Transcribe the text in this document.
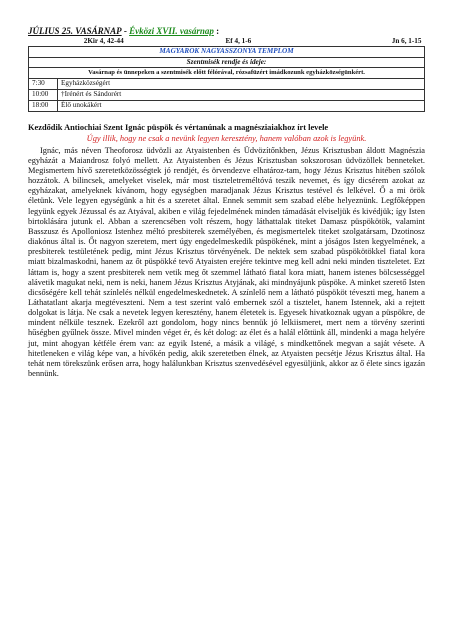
JÚLIUS 25. VASÁRNAP - Évközi XVII. vasárnap :
2Kir 4, 42-44	Ef 4, 1-6	Jn 6, 1-15

MAGYAROK NAGYASSZONYA TEMPLOM
Szentmisék rendje és ideje:
Vasárnap és ünnepeken a szentmisék előtt félórával, rózsafüzért imádkozunk egyházközségünkért.
7:30	Egyházközségért
10:00	†Irénért és Sándorért
18:00	Élő unokákért
Kezdődik Antiochiai Szent Ignác püspök és vértanúnak a magnésziaiakhoz írt levele
Úgy illik, hogy ne csak a nevünk legyen keresztény, hanem valóban azok is legyünk.
Ignác, más néven Theoforosz üdvözli az Atyaistenben és Üdvözítőnkben, Jézus Krisztusban áldott Magnészia egyházát a Maiandrosz folyó mellett. Az Atyaistenben és Jézus Krisztusban sokszorosan üdvözöllek benneteket. Megismertem hívő szeretetközösségtek jó rendjét, és örvendezve elhatároz-tam, hogy Jézus Krisztus hitében szólok hozzátok. A bilincsek, amelyeket viselek, már most tiszteletreméltóvá teszik nevemet, és így dicsérem azokat az egyházakat, amelyeknek kívánom, hogy egységben maradjanak Jézus Krisztus testével és lelkével. Ő a mi örök életünk. Vele legyen egységünk a hit és a szeretet által. Ennek semmit sem szabad elébe helyeznünk. Legfőképpen legyünk egyek Jézussal és az Atyával, akiben e világ fejedelmének minden támadását elviseljük és kivédjük; így Isten birtoklására jutunk el. Abban a szerencsében volt részem, hogy láthattalak titeket Damasz püspökötök, valamint Basszusz és Apolloniosz Istenhez méltó presbiterek személyében, és megismertelek titeket szolgatársam, Dzotinosz diakónus által is. Őt nagyon szeretem, mert úgy engedelmeskedik püspökének, mint a jóságos Isten kegyelmének, a presbiterek testületének pedig, mint Jézus Krisztus törvényének. De nektek sem szabad püspökötökkel fiatal kora miatt bizalmaskodni, hanem az őt püspökké tevő Atyaisten erejére tekintve meg kell adni neki minden tiszteletet. Ezt láttam is, hogy a szent presbiterek nem vetik meg őt szemmel látható fiatal kora miatt, hanem istenes bölcsességgel alávetik magukat neki, nem is neki, hanem Jézus Krisztus Atyjának, aki mindnyájunk püspöke. A minket szerető Isten dicsőségére kell tehát színlelés nélkül engedelmeskednetek. A színlelő nem a látható püspököt téveszti meg, hanem a Láthatatlant akarja megtéveszteni. Nem a test szerint való embernek szól a tisztelet, hanem Istennek, aki a rejtett dolgokat is látja. Ne csak a nevetek legyen keresztény, hanem életetek is. Egyesek hivatkoznak ugyan a püspökre, de mindent nélküle tesznek. Ezekről azt gondolom, hogy nincs bennük jó lelkiismeret, mert nem a törvény szerinti hűségben gyűlnek össze. Mivel minden véget ér, és két dolog: az élet és a halál előttünk áll, mindenki a maga helyére jut, mint ahogyan kétféle érem van: az egyik Istené, a másik a világé, s mindkettőnek megvan a saját vésete. A hitetleneken e világ képe van, a hívőkén pedig, akik szeretetben élnek, az Atyaisten pecsétje Jézus Krisztus által. Ha tehát nem törekszünk erősen arra, hogy halálunkban Krisztus szenvedésével egyesüljünk, akkor az ő élete sincs igazán bennünk.
